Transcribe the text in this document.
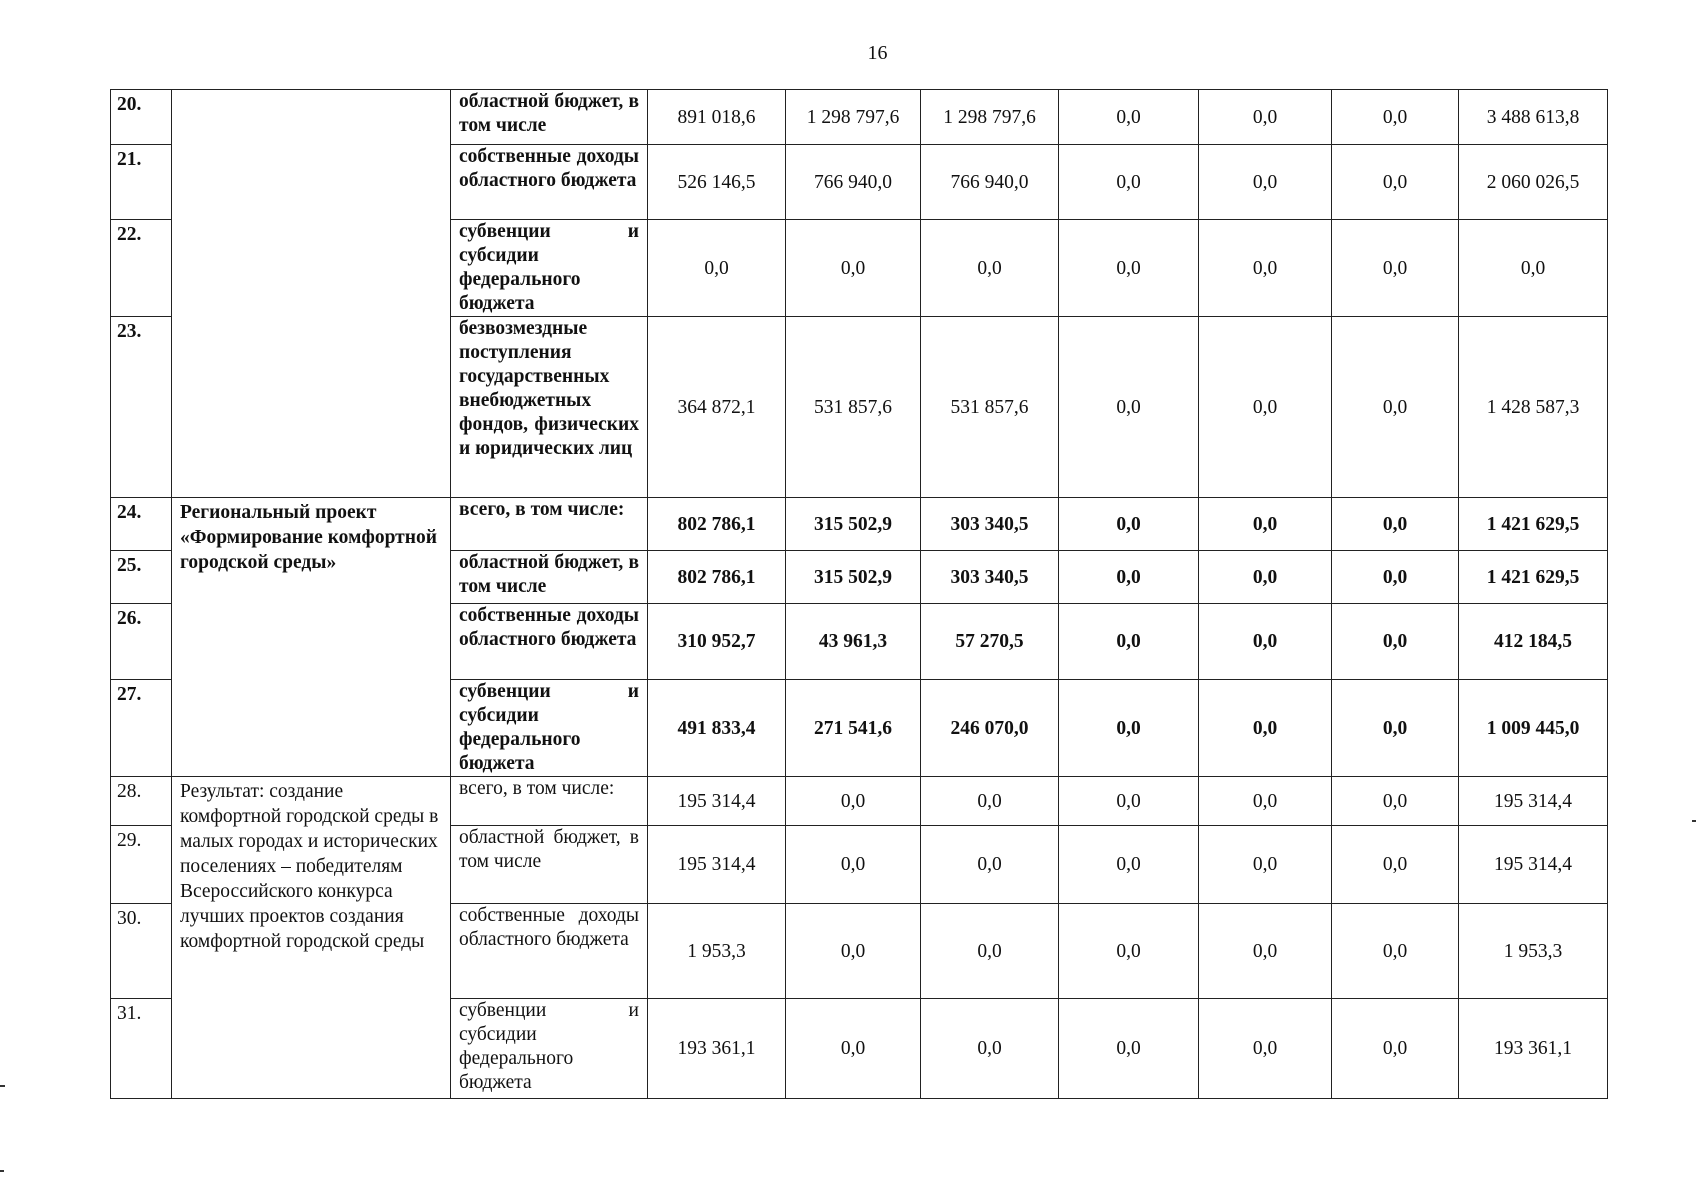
16
20.		областной бюджет, в том числе	891 018,6	1 298 797,6	1 298 797,6	0,0	0,0	0,0	3 488 613,8
21.		собственные доходы областного бюджета	526 146,5	766 940,0	766 940,0	0,0	0,0	0,0	2 060 026,5
22.		субвенции и субсидии федерального бюджета	0,0	0,0	0,0	0,0	0,0	0,0	0,0
23.		безвозмездные поступления государственных внебюджетных фондов, физических и юридических лиц	364 872,1	531 857,6	531 857,6	0,0	0,0	0,0	1 428 587,3
24.	Региональный проект «Формирование комфортной городской среды»	всего, в том числе:	802 786,1	315 502,9	303 340,5	0,0	0,0	0,0	1 421 629,5
25.		областной бюджет, в том числе	802 786,1	315 502,9	303 340,5	0,0	0,0	0,0	1 421 629,5
26.		собственные доходы областного бюджета	310 952,7	43 961,3	57 270,5	0,0	0,0	0,0	412 184,5
27.		субвенции и субсидии федерального бюджета	491 833,4	271 541,6	246 070,0	0,0	0,0	0,0	1 009 445,0
28.	Результат: создание комфортной городской среды в малых городах и исторических поселениях – победителям Всероссийского конкурса лучших проектов создания комфортной городской среды	всего, в том числе:	195 314,4	0,0	0,0	0,0	0,0	0,0	195 314,4
29.		областной бюджет, в том числе	195 314,4	0,0	0,0	0,0	0,0	0,0	195 314,4
30.		собственные доходы областного бюджета	1 953,3	0,0	0,0	0,0	0,0	0,0	1 953,3
31.		субвенции и субсидии федерального бюджета	193 361,1	0,0	0,0	0,0	0,0	0,0	193 361,1
